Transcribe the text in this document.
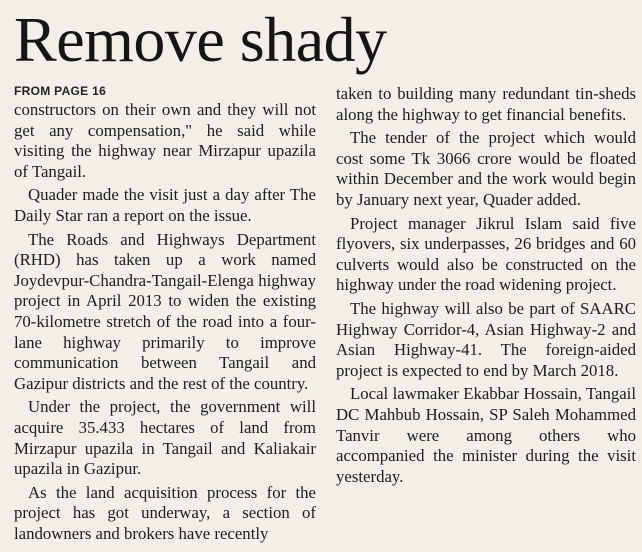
Remove shady
FROM PAGE 16

constructors on their own and they will not get any compensation," he said while visiting the highway near Mirzapur upazila of Tangail.

Quader made the visit just a day after The Daily Star ran a report on the issue.

The Roads and Highways Department (RHD) has taken up a work named Joydevpur-Chandra-Tangail-Elenga highway project in April 2013 to widen the existing 70-kilometre stretch of the road into a four-lane highway primarily to improve communication between Tangail and Gazipur districts and the rest of the country.

Under the project, the government will acquire 35.433 hectares of land from Mirzapur upazila in Tangail and Kaliakair upazila in Gazipur.

As the land acquisition process for the project has got underway, a section of landowners and brokers have recently

taken to building many redundant tin-sheds along the highway to get financial benefits.

The tender of the project which would cost some Tk 3066 crore would be floated within December and the work would begin by January next year, Quader added.

Project manager Jikrul Islam said five flyovers, six underpasses, 26 bridges and 60 culverts would also be constructed on the highway under the road widening project.

The highway will also be part of SAARC Highway Corridor-4, Asian Highway-2 and Asian Highway-41. The foreign-aided project is expected to end by March 2018.

Local lawmaker Ekabbar Hossain, Tangail DC Mahbub Hossain, SP Saleh Mohammed Tanvir were among others who accompanied the minister during the visit yesterday.
